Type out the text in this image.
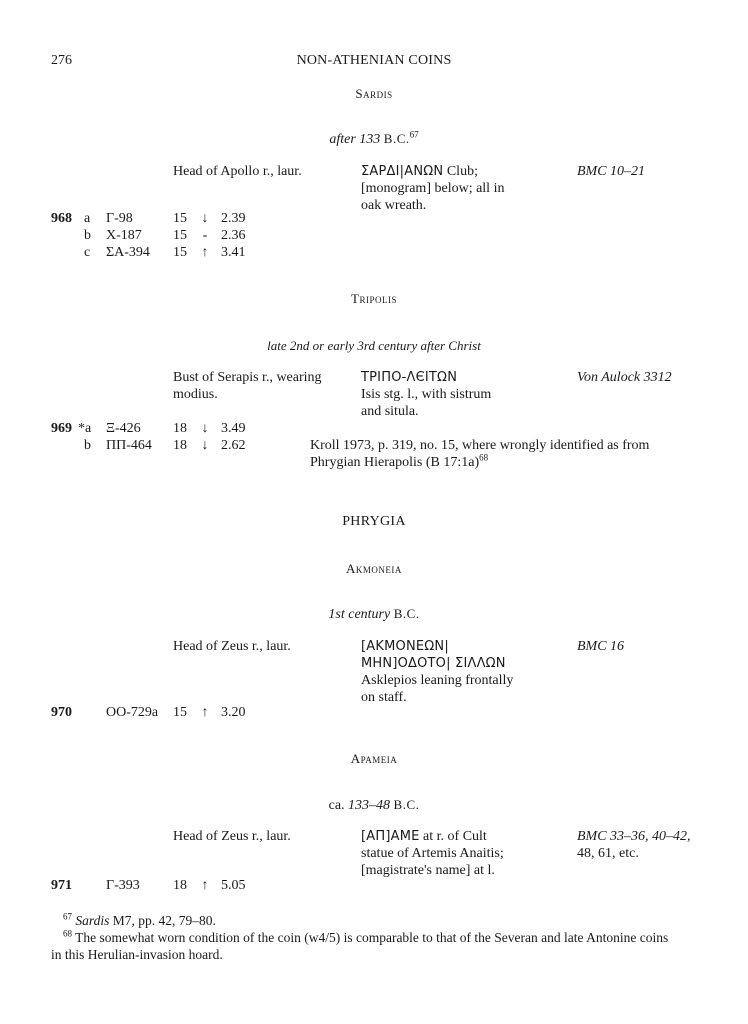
276	NON-ATHENIAN COINS
Sardis
after 133 B.C.$^{67}$
Head of Apollo r., laur.	ΣΑΡΔΙ|ΑΝΩΝ Club;
[monogram] below; all in
oak wreath.
BMC 10–21
968 a Γ-98	15 ↓ 2.39
b Χ-187 15	- 2.36
c ΣΑ-394 15 ↑ 3.41
Tripolis
late 2nd or early 3rd century after Christ
Bust of Serapis r., wearing
modius.
ΤΡΙΠΟ-ΛЄΙΤΩΝ
Isis stg. l., with sistrum
and situla.
Von Aulock 3312
969 *a Ξ-426 18 ↓ 3.49
b ΠΠ-464 18 ↓ 2.62	Kroll 1973, p. 319, no. 15, where wrongly identified as from
Phrygian Hierapolis (B 17:1a)$^{68}$
PHRYGIA
Akmoneia
1st century B.C.
Head of Zeus r., laur.	[ΑΚΜΟΝΕΩΝ|
ΜΗΝ]ΟΔΟΤΟ| ΣΙΛΛΩΝ
Asklepios leaning frontally
on staff.
BMC 16
970 OO-729a 15 ↑ 3.20
Apameia
ca. 133–48 B.C.
Head of Zeus r., laur.	[ΑΠ]ΑΜΕ at r. of Cult
statue of Artemis Anaitis;
[magistrate's name] at l.
BMC 33–36, 40–42,
48, 61, etc.
971 Γ-393 18 ↑ 5.05
$^{67}$ Sardis M7, pp. 42, 79–80.
$^{68}$ The somewhat worn condition of the coin (w4/5) is comparable to that of the Severan and late Antonine coins
in this Herulian-invasion hoard.
